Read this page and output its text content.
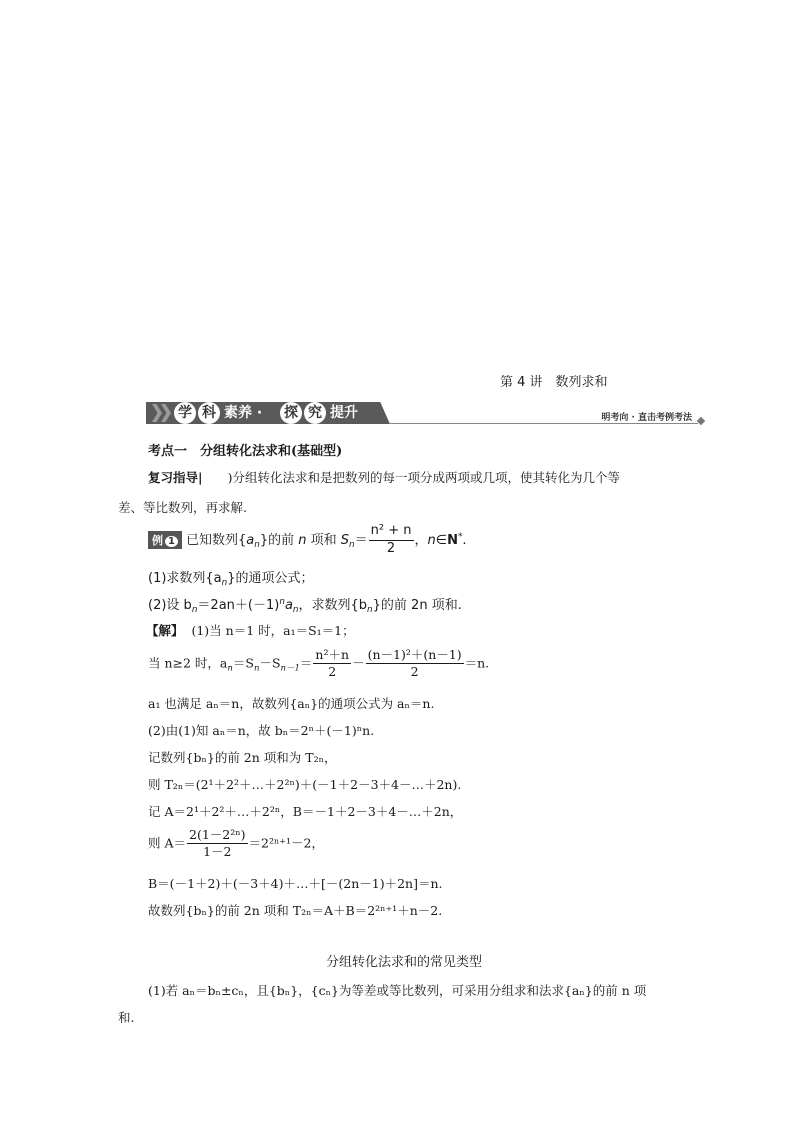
第 4 讲　数列求和
学 科 素养 · 探 究 提升	明考向 · 直击考例考法
考点一　分组转化法求和(基础型)
复习指导|　　)分组转化法求和是把数列的每一项分成两项或几项，使其转化为几个等
差、等比数列，再求解.
例 1 已知数列$\{a_n\}$的前 n 项和 $S_n= \frac{\text{n² + n}}{2}$ ，n∈N*.
(1)求数列$\{a_n\}$的通项公式；
(2)设 $b_n=2an+(-1)^na_n$，求数列$\{b_n\}$的前 2n 项和.
【解】 (1)当 n＝1 时，a₁＝S₁＝1；
当 n≥2 时，$a_n=S_n-S_{n-1}= \frac{\text{n²＋n}}{2} - \frac{\text{(n－1)²＋(n－1)}}{2} =n$.
a₁ 也满足 aₙ＝n，故数列{aₙ}的通项公式为 aₙ＝n.
(2)由(1)知 aₙ＝n，故 bₙ＝2ⁿ＋(－1)ⁿn.
记数列{bₙ}的前 2n 项和为 T₂ₙ，
则 T₂ₙ＝(2¹＋2²＋…＋2²ⁿ)＋(－1＋2－3＋4－…＋2n).
记 A＝2¹＋2²＋…＋2²ⁿ，B＝－1＋2－3＋4－…＋2n，
则 $A= \frac{\text{2(1－2²ⁿ)}}{1-2} =2^{2n+1}-2$，
B＝(－1＋2)＋(－3＋4)＋…＋[－(2n－1)＋2n]＝n.
故数列{bₙ}的前 2n 项和 T₂ₙ＝A＋B＝2²ⁿ⁺¹＋n－2.
分组转化法求和的常见类型
(1)若 aₙ＝bₙ±cₙ，且{bₙ}，{cₙ}为等差或等比数列，可采用分组求和法求{aₙ}的前 n 项
和.
